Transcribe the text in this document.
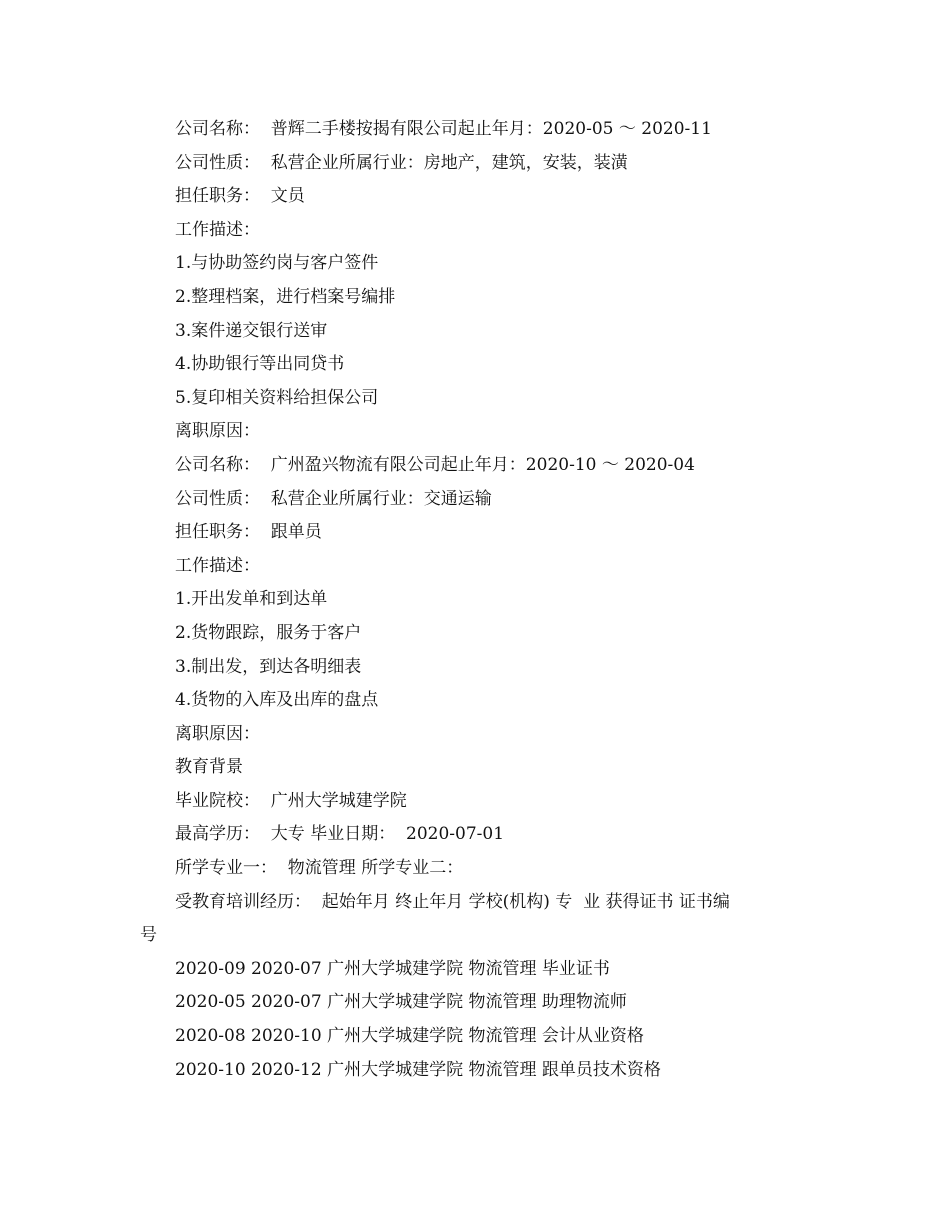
公司名称：  普辉二手楼按揭有限公司起止年月：2020-05 ～ 2020-11

公司性质：  私营企业所属行业：房地产，建筑，安装，装潢

担任职务：  文员

工作描述：

1.与协助签约岗与客户签件

2.整理档案，进行档案号编排

3.案件递交银行送审

4.协助银行等出同贷书

5.复印相关资料给担保公司

离职原因：

公司名称：  广州盈兴物流有限公司起止年月：2020-10 ～ 2020-04

公司性质：  私营企业所属行业：交通运输

担任职务：  跟单员

工作描述：

1.开出发单和到达单

2.货物跟踪，服务于客户

3.制出发，到达各明细表

4.货物的入库及出库的盘点

离职原因：

教育背景

毕业院校：  广州大学城建学院

最高学历：  大专 毕业日期：  2020-07-01

所学专业一：  物流管理 所学专业二：

受教育培训经历：  起始年月 终止年月 学校(机构) 专  业 获得证书 证书编
号

2020-09 2020-07 广州大学城建学院 物流管理 毕业证书

2020-05 2020-07 广州大学城建学院 物流管理 助理物流师

2020-08 2020-10 广州大学城建学院 物流管理 会计从业资格

2020-10 2020-12 广州大学城建学院 物流管理 跟单员技术资格
